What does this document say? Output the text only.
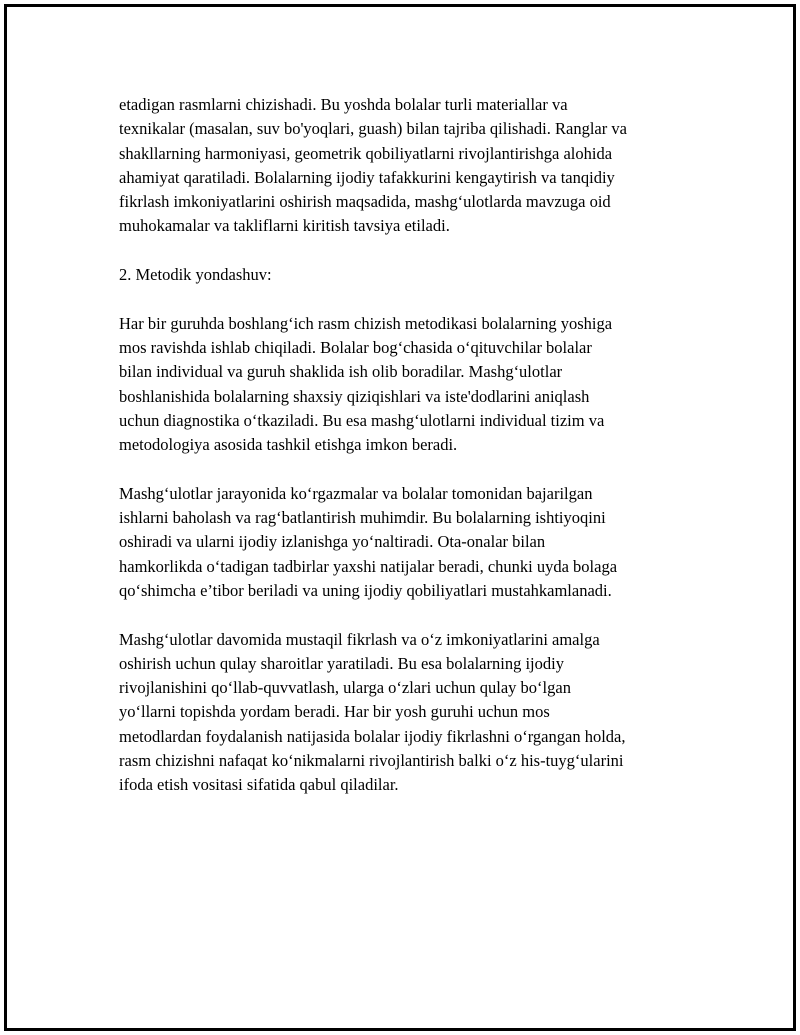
etadigan rasmlarni chizishadi. Bu yoshda bolalar turli materiallar va
texnikalar (masalan, suv bo'yoqlari, guash) bilan tajriba qilishadi. Ranglar va
shakllarning harmoniyasi, geometrik qobiliyatlarni rivojlantirishga alohida
ahamiyat qaratiladi. Bolalarning ijodiy tafakkurini kengaytirish va tanqidiy
fikrlash imkoniyatlarini oshirish maqsadida, mashg‘ulotlarda mavzuga oid
muhokamalar va takliflarni kiritish tavsiya etiladi.

2. Metodik yondashuv:

Har bir guruhda boshlang‘ich rasm chizish metodikasi bolalarning yoshiga
mos ravishda ishlab chiqiladi. Bolalar bog‘chasida o‘qituvchilar bolalar
bilan individual va guruh shaklida ish olib boradilar. Mashg‘ulotlar
boshlanishida bolalarning shaxsiy qiziqishlari va iste'dodlarini aniqlash
uchun diagnostika o‘tkaziladi. Bu esa mashg‘ulotlarni individual tizim va
metodologiya asosida tashkil etishga imkon beradi.

Mashg‘ulotlar jarayonida ko‘rgazmalar va bolalar tomonidan bajarilgan
ishlarni baholash va rag‘batlantirish muhimdir. Bu bolalarning ishtiyoqini
oshiradi va ularni ijodiy izlanishga yo‘naltiradi. Ota-onalar bilan
hamkorlikda o‘tadigan tadbirlar yaxshi natijalar beradi, chunki uyda bolaga
qo‘shimcha e’tibor beriladi va uning ijodiy qobiliyatlari mustahkamlanadi.

Mashg‘ulotlar davomida mustaqil fikrlash va o‘z imkoniyatlarini amalga
oshirish uchun qulay sharoitlar yaratiladi. Bu esa bolalarning ijodiy
rivojlanishini qo‘llab-quvvatlash, ularga o‘zlari uchun qulay bo‘lgan
yo‘llarni topishda yordam beradi. Har bir yosh guruhi uchun mos
metodlardan foydalanish natijasida bolalar ijodiy fikrlashni o‘rgangan holda,
rasm chizishni nafaqat ko‘nikmalarni rivojlantirish balki o‘z his-tuyg‘ularini
ifoda etish vositasi sifatida qabul qiladilar.
